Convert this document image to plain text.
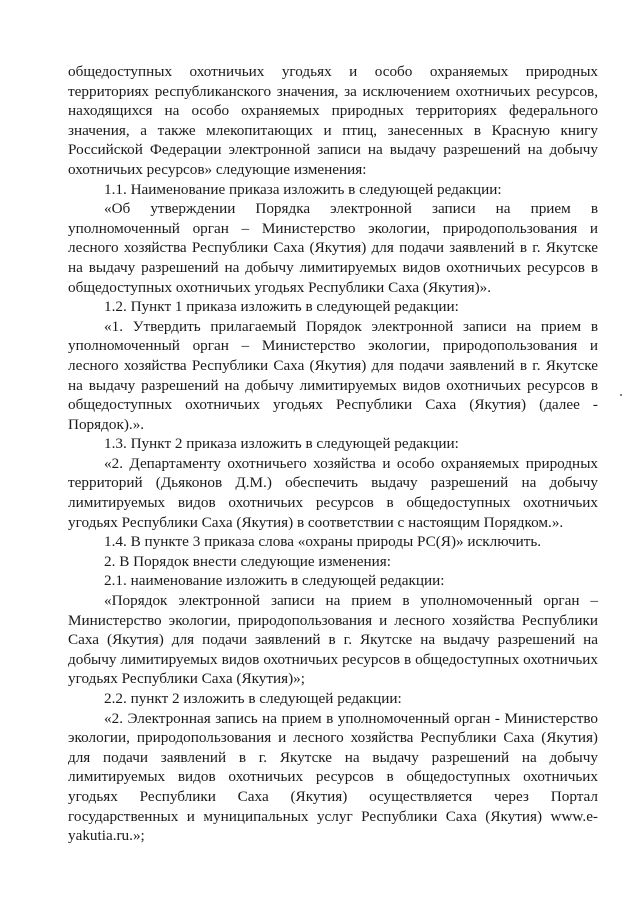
общедоступных охотничьих угодьях и особо охраняемых природных территориях республиканского значения, за исключением охотничьих ресурсов, находящихся на особо охраняемых природных территориях федерального значения, а также млекопитающих и птиц, занесенных в Красную книгу Российской Федерации электронной записи на выдачу разрешений на добычу охотничьих ресурсов» следующие изменения:

1.1. Наименование приказа изложить в следующей редакции:

«Об утверждении Порядка электронной записи на прием в уполномоченный орган – Министерство экологии, природопользования и лесного хозяйства Республики Саха (Якутия) для подачи заявлений в г. Якутске на выдачу разрешений на добычу лимитируемых видов охотничьих ресурсов в общедоступных охотничьих угодьях Республики Саха (Якутия)».

1.2. Пункт 1 приказа изложить в следующей редакции:

«1. Утвердить прилагаемый Порядок электронной записи на прием в уполномоченный орган – Министерство экологии, природопользования и лесного хозяйства Республики Саха (Якутия) для подачи заявлений в г. Якутске на выдачу разрешений на добычу лимитируемых видов охотничьих ресурсов в общедоступных охотничьих угодьях Республики Саха (Якутия) (далее - Порядок).».

1.3. Пункт 2 приказа изложить в следующей редакции:

«2. Департаменту охотничьего хозяйства и особо охраняемых природных территорий (Дьяконов Д.М.) обеспечить выдачу разрешений на добычу лимитируемых видов охотничьих ресурсов в общедоступных охотничьих угодьях Республики Саха (Якутия) в соответствии с настоящим Порядком.».

1.4. В пункте 3 приказа слова «охраны природы РС(Я)» исключить.

2. В Порядок внести следующие изменения:

2.1. наименование изложить в следующей редакции:

«Порядок электронной записи на прием в уполномоченный орган – Министерство экологии, природопользования и лесного хозяйства Республики Саха (Якутия) для подачи заявлений в г. Якутске на выдачу разрешений на добычу лимитируемых видов охотничьих ресурсов в общедоступных охотничьих угодьях Республики Саха (Якутия)»;

2.2. пункт 2 изложить в следующей редакции:

«2. Электронная запись на прием в уполномоченный орган - Министерство экологии, природопользования и лесного хозяйства Республики Саха (Якутия) для подачи заявлений в г. Якутске на выдачу разрешений на добычу лимитируемых видов охотничьих ресурсов в общедоступных охотничьих угодьях Республики Саха (Якутия) осуществляется через Портал государственных и муниципальных услуг Республики Саха (Якутия) www.e-yakutia.ru.»;
